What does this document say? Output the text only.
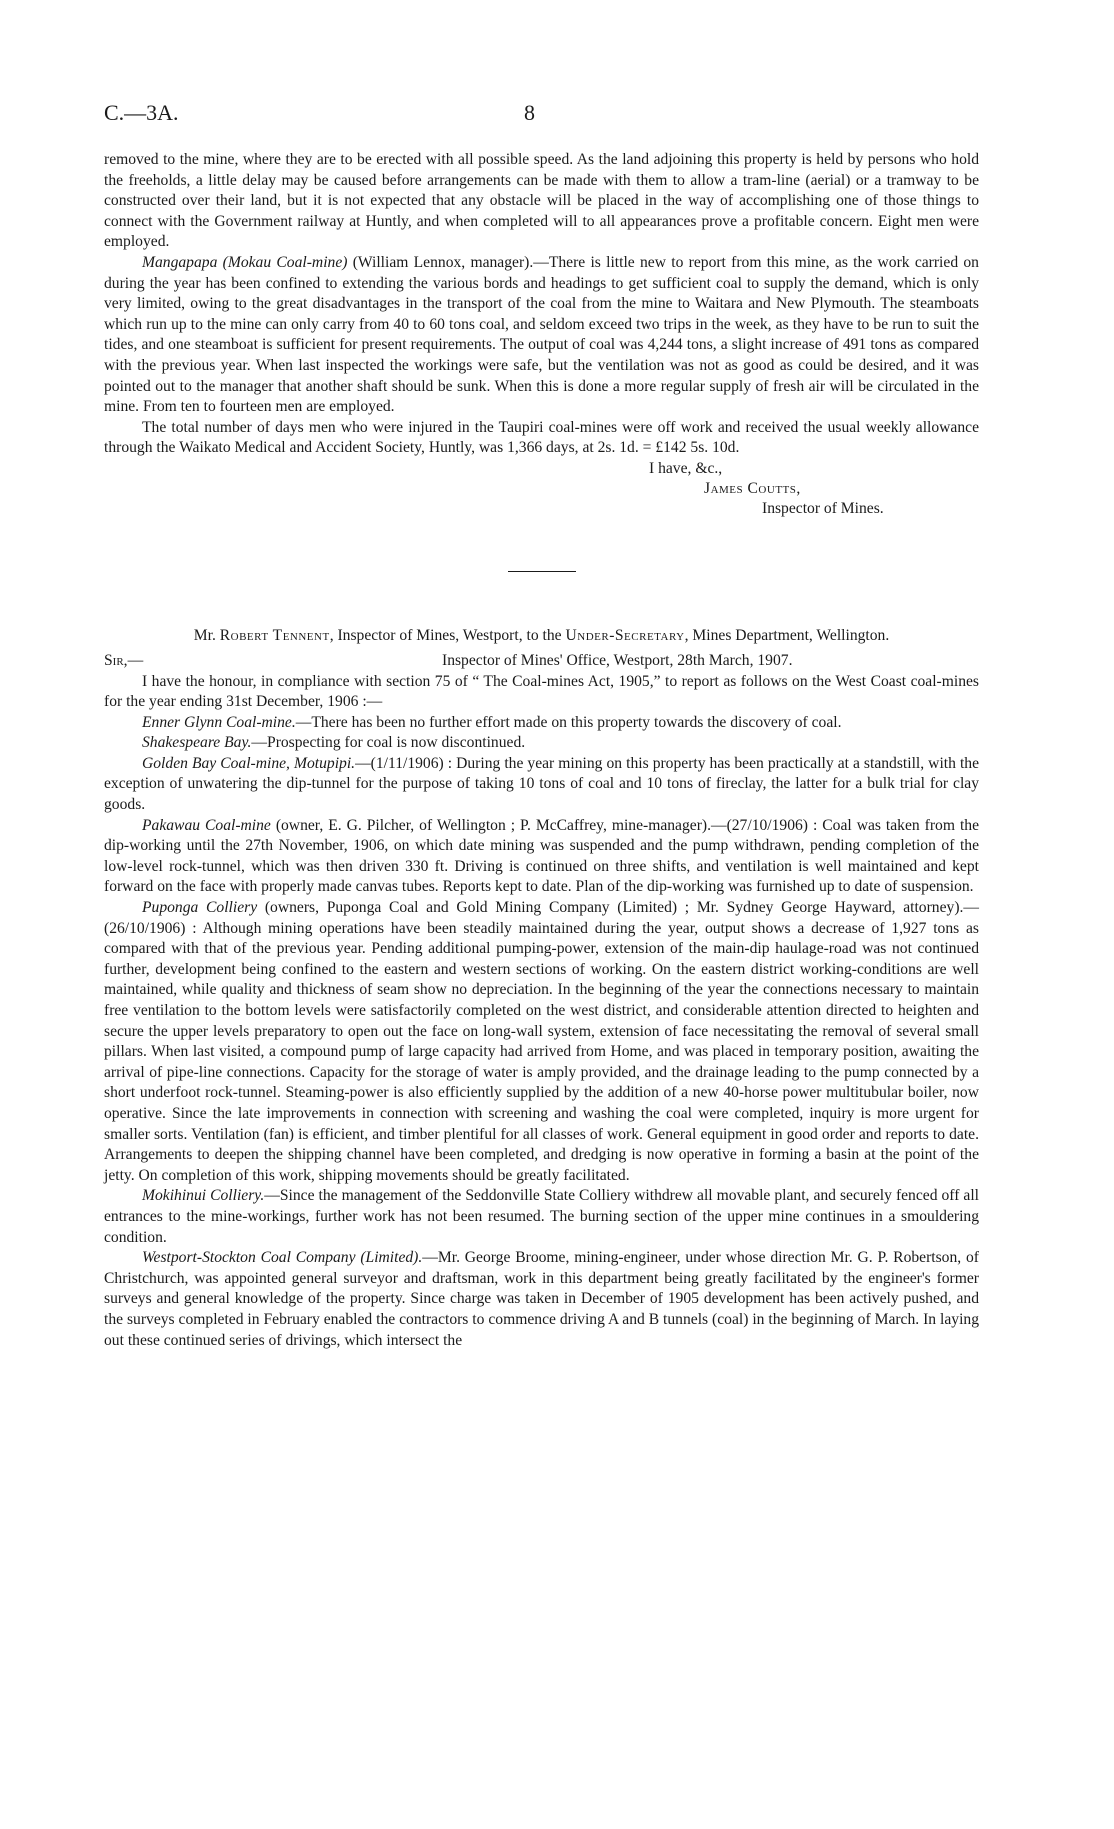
C.—3A.	8

removed to the mine, where they are to be erected with all possible speed. As the land adjoining this property is held by persons who hold the freeholds, a little delay may be caused before arrangements can be made with them to allow a tram-line (aerial) or a tramway to be constructed over their land, but it is not expected that any obstacle will be placed in the way of accomplishing one of those things to connect with the Government railway at Huntly, and when completed will to all appearances prove a profitable concern. Eight men were employed.

Mangapapa (Mokau Coal-mine) (William Lennox, manager).—There is little new to report from this mine, as the work carried on during the year has been confined to extending the various bords and headings to get sufficient coal to supply the demand, which is only very limited, owing to the great disadvantages in the transport of the coal from the mine to Waitara and New Plymouth. The steamboats which run up to the mine can only carry from 40 to 60 tons coal, and seldom exceed two trips in the week, as they have to be run to suit the tides, and one steamboat is sufficient for present requirements. The output of coal was 4,244 tons, a slight increase of 491 tons as compared with the previous year. When last inspected the workings were safe, but the ventilation was not as good as could be desired, and it was pointed out to the manager that another shaft should be sunk. When this is done a more regular supply of fresh air will be circulated in the mine. From ten to fourteen men are employed.

The total number of days men who were injured in the Taupiri coal-mines were off work and received the usual weekly allowance through the Waikato Medical and Accident Society, Huntly, was 1,366 days, at 2s. 1d. = £142 5s. 10d.

I have, &c.,
James Coutts,
Inspector of Mines.

Mr. Robert Tennent, Inspector of Mines, Westport, to the Under-Secretary, Mines Department, Wellington.

Sir,—	Inspector of Mines' Office, Westport, 28th March, 1907.

I have the honour, in compliance with section 75 of “ The Coal-mines Act, 1905,” to report as follows on the West Coast coal-mines for the year ending 31st December, 1906 :—

Enner Glynn Coal-mine.—There has been no further effort made on this property towards the discovery of coal.

Shakespeare Bay.—Prospecting for coal is now discontinued.

Golden Bay Coal-mine, Motupipi.—(1/11/1906) : During the year mining on this property has been practically at a standstill, with the exception of unwatering the dip-tunnel for the purpose of taking 10 tons of coal and 10 tons of fireclay, the latter for a bulk trial for clay goods.

Pakawau Coal-mine (owner, E. G. Pilcher, of Wellington ; P. McCaffrey, mine-manager).—(27/10/1906) : Coal was taken from the dip-working until the 27th November, 1906, on which date mining was suspended and the pump withdrawn, pending completion of the low-level rock-tunnel, which was then driven 330 ft. Driving is continued on three shifts, and ventilation is well maintained and kept forward on the face with properly made canvas tubes. Reports kept to date. Plan of the dip-working was furnished up to date of suspension.

Puponga Colliery (owners, Puponga Coal and Gold Mining Company (Limited) ; Mr. Sydney George Hayward, attorney).—(26/10/1906) : Although mining operations have been steadily maintained during the year, output shows a decrease of 1,927 tons as compared with that of the previous year. Pending additional pumping-power, extension of the main-dip haulage-road was not continued further, development being confined to the eastern and western sections of working. On the eastern district working-conditions are well maintained, while quality and thickness of seam show no depreciation. In the beginning of the year the connections necessary to maintain free ventilation to the bottom levels were satisfactorily completed on the west district, and considerable attention directed to heighten and secure the upper levels preparatory to open out the face on long-wall system, extension of face necessitating the removal of several small pillars. When last visited, a compound pump of large capacity had arrived from Home, and was placed in temporary position, awaiting the arrival of pipe-line connections. Capacity for the storage of water is amply provided, and the drainage leading to the pump connected by a short underfoot rock-tunnel. Steaming-power is also efficiently supplied by the addition of a new 40-horse power multitubular boiler, now operative. Since the late improvements in connection with screening and washing the coal were completed, inquiry is more urgent for smaller sorts. Ventilation (fan) is efficient, and timber plentiful for all classes of work. General equipment in good order and reports to date. Arrangements to deepen the shipping channel have been completed, and dredging is now operative in forming a basin at the point of the jetty. On completion of this work, shipping movements should be greatly facilitated.

Mokihinui Colliery.—Since the management of the Seddonville State Colliery withdrew all movable plant, and securely fenced off all entrances to the mine-workings, further work has not been resumed. The burning section of the upper mine continues in a smouldering condition.

Westport-Stockton Coal Company (Limited).—Mr. George Broome, mining-engineer, under whose direction Mr. G. P. Robertson, of Christchurch, was appointed general surveyor and draftsman, work in this department being greatly facilitated by the engineer's former surveys and general knowledge of the property. Since charge was taken in December of 1905 development has been actively pushed, and the surveys completed in February enabled the contractors to commence driving A and B tunnels (coal) in the beginning of March. In laying out these continued series of drivings, which intersect the
